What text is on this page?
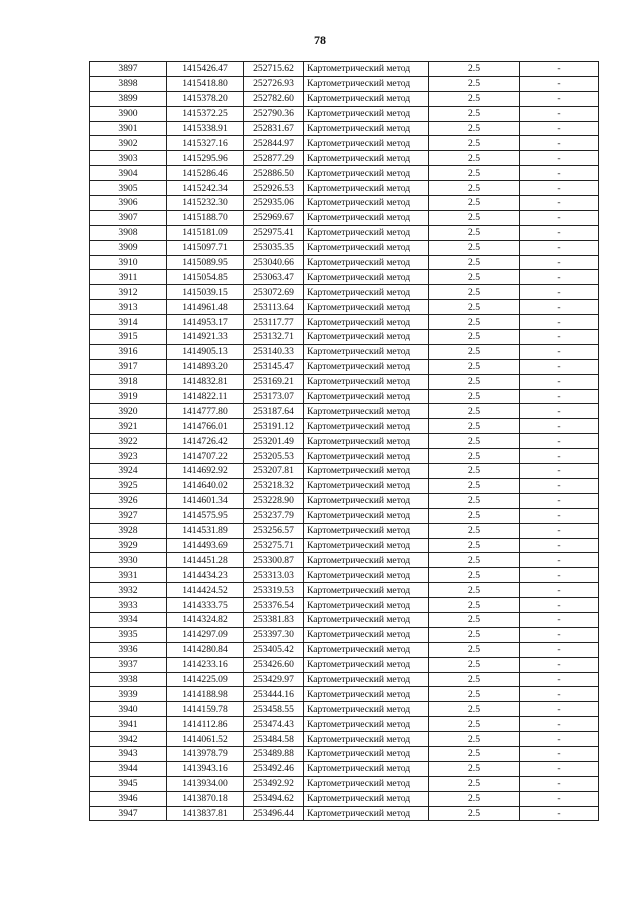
78
3897	1415426.47	252715.62	Картометрический метод	2.5	-
3898	1415418.80	252726.93	Картометрический метод	2.5	-
3899	1415378.20	252782.60	Картометрический метод	2.5	-
3900	1415372.25	252790.36	Картометрический метод	2.5	-
3901	1415338.91	252831.67	Картометрический метод	2.5	-
3902	1415327.16	252844.97	Картометрический метод	2.5	-
3903	1415295.96	252877.29	Картометрический метод	2.5	-
3904	1415286.46	252886.50	Картометрический метод	2.5	-
3905	1415242.34	252926.53	Картометрический метод	2.5	-
3906	1415232.30	252935.06	Картометрический метод	2.5	-
3907	1415188.70	252969.67	Картометрический метод	2.5	-
3908	1415181.09	252975.41	Картометрический метод	2.5	-
3909	1415097.71	253035.35	Картометрический метод	2.5	-
3910	1415089.95	253040.66	Картометрический метод	2.5	-
3911	1415054.85	253063.47	Картометрический метод	2.5	-
3912	1415039.15	253072.69	Картометрический метод	2.5	-
3913	1414961.48	253113.64	Картометрический метод	2.5	-
3914	1414953.17	253117.77	Картометрический метод	2.5	-
3915	1414921.33	253132.71	Картометрический метод	2.5	-
3916	1414905.13	253140.33	Картометрический метод	2.5	-
3917	1414893.20	253145.47	Картометрический метод	2.5	-
3918	1414832.81	253169.21	Картометрический метод	2.5	-
3919	1414822.11	253173.07	Картометрический метод	2.5	-
3920	1414777.80	253187.64	Картометрический метод	2.5	-
3921	1414766.01	253191.12	Картометрический метод	2.5	-
3922	1414726.42	253201.49	Картометрический метод	2.5	-
3923	1414707.22	253205.53	Картометрический метод	2.5	-
3924	1414692.92	253207.81	Картометрический метод	2.5	-
3925	1414640.02	253218.32	Картометрический метод	2.5	-
3926	1414601.34	253228.90	Картометрический метод	2.5	-
3927	1414575.95	253237.79	Картометрический метод	2.5	-
3928	1414531.89	253256.57	Картометрический метод	2.5	-
3929	1414493.69	253275.71	Картометрический метод	2.5	-
3930	1414451.28	253300.87	Картометрический метод	2.5	-
3931	1414434.23	253313.03	Картометрический метод	2.5	-
3932	1414424.52	253319.53	Картометрический метод	2.5	-
3933	1414333.75	253376.54	Картометрический метод	2.5	-
3934	1414324.82	253381.83	Картометрический метод	2.5	-
3935	1414297.09	253397.30	Картометрический метод	2.5	-
3936	1414280.84	253405.42	Картометрический метод	2.5	-
3937	1414233.16	253426.60	Картометрический метод	2.5	-
3938	1414225.09	253429.97	Картометрический метод	2.5	-
3939	1414188.98	253444.16	Картометрический метод	2.5	-
3940	1414159.78	253458.55	Картометрический метод	2.5	-
3941	1414112.86	253474.43	Картометрический метод	2.5	-
3942	1414061.52	253484.58	Картометрический метод	2.5	-
3943	1413978.79	253489.88	Картометрический метод	2.5	-
3944	1413943.16	253492.46	Картометрический метод	2.5	-
3945	1413934.00	253492.92	Картометрический метод	2.5	-
3946	1413870.18	253494.62	Картометрический метод	2.5	-
3947	1413837.81	253496.44	Картометрический метод	2.5	-
